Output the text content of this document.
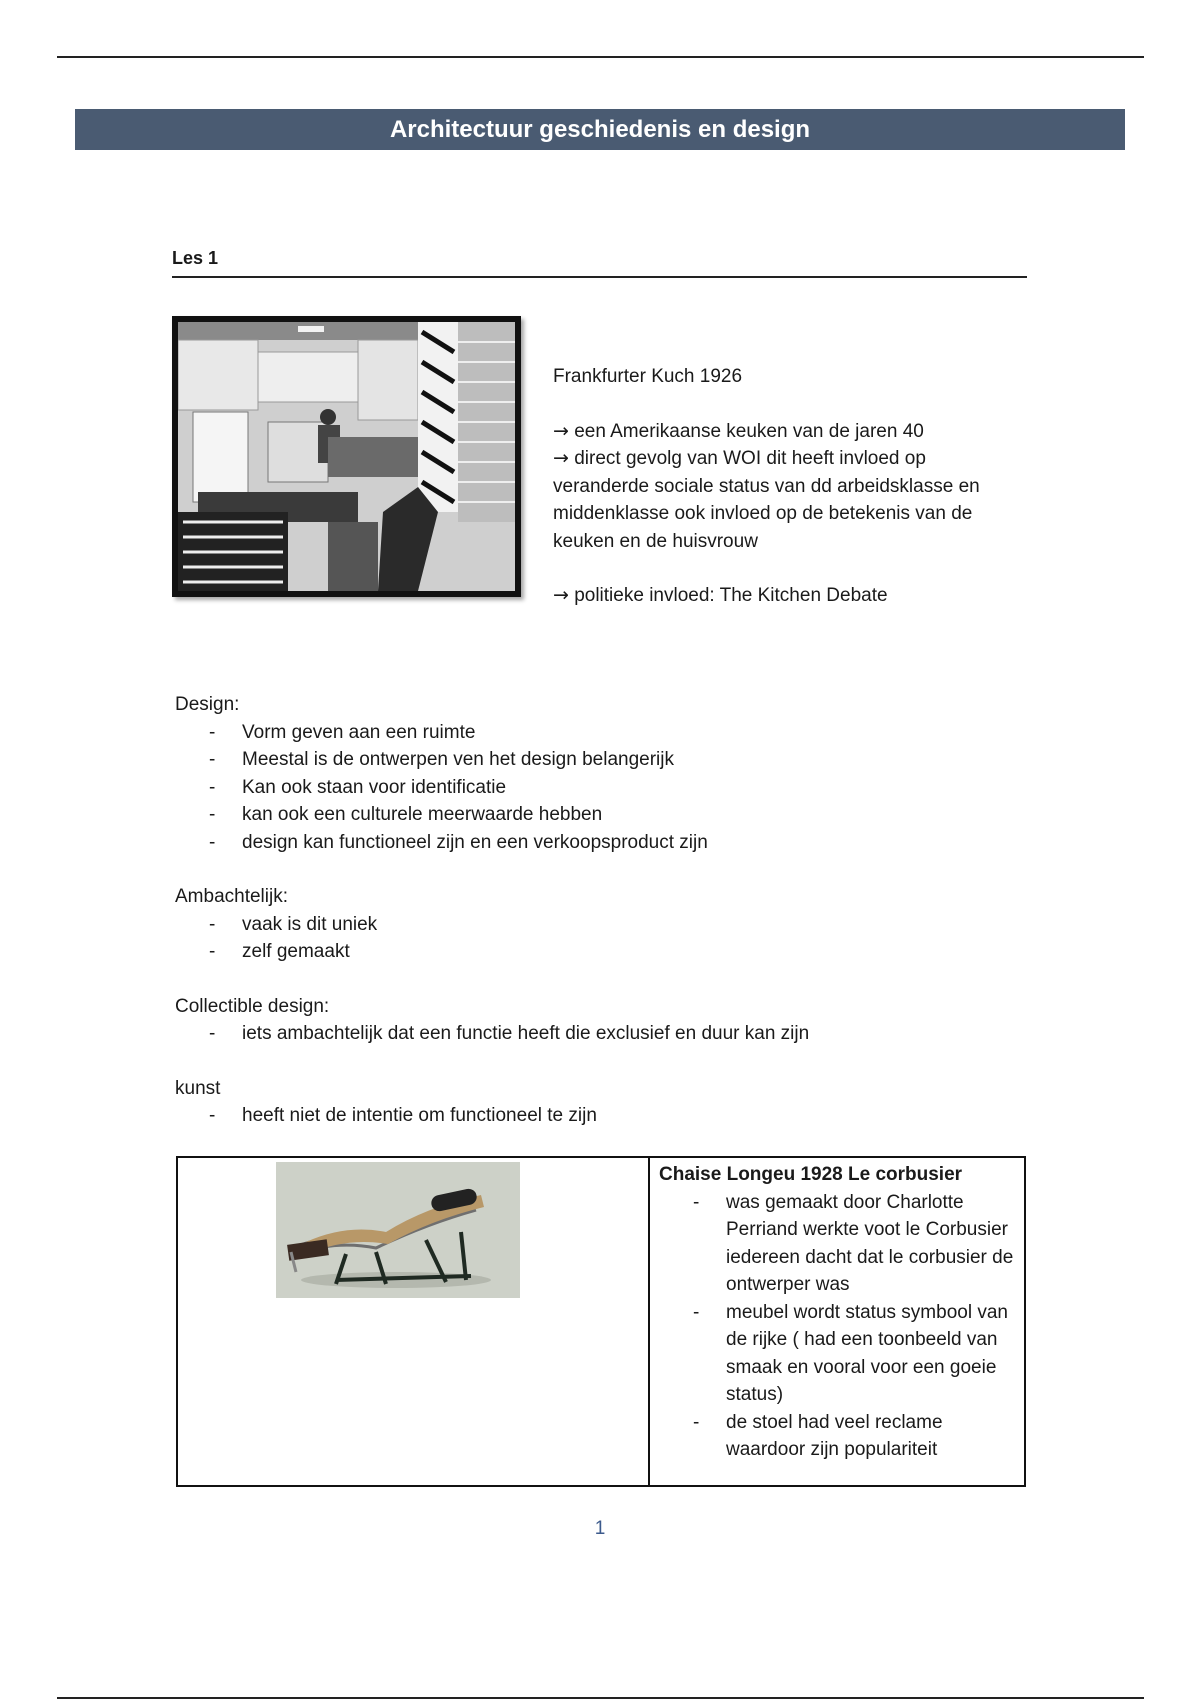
Architectuur geschiedenis en design
Les 1

Frankfurter Kuch 1926

→ een Amerikaanse keuken van de jaren 40

→ direct gevolg van WOI dit heeft invloed op veranderde sociale status van dd arbeidsklasse en middenklasse ook invloed op de betekenis van de keuken en de huisvrouw

→ politieke invloed: The Kitchen Debate

Design:
- Vorm geven aan een ruimte
- Meestal is de ontwerpen ven het design belangerijk
- Kan ook staan voor identificatie
- kan ook een culturele meerwaarde hebben
- design kan functioneel zijn en een verkoopsproduct zijn
Ambachtelijk:
- vaak is dit uniek
- zelf gemaakt
Collectible design:
- iets ambachtelijk dat een functie heeft die exclusief en duur kan zijn
kunst
- heeft niet de intentie om functioneel te zijn
Chaise Longeu 1928 Le corbusier
- was gemaakt door Charlotte Perriand werkte voot le Corbusier iedereen dacht dat le corbusier de ontwerper was
- meubel wordt status symbool van de rijke ( had een toonbeeld van smaak en vooral voor een goeie status)
- de stoel had veel reclame waardoor zijn populariteit
1
